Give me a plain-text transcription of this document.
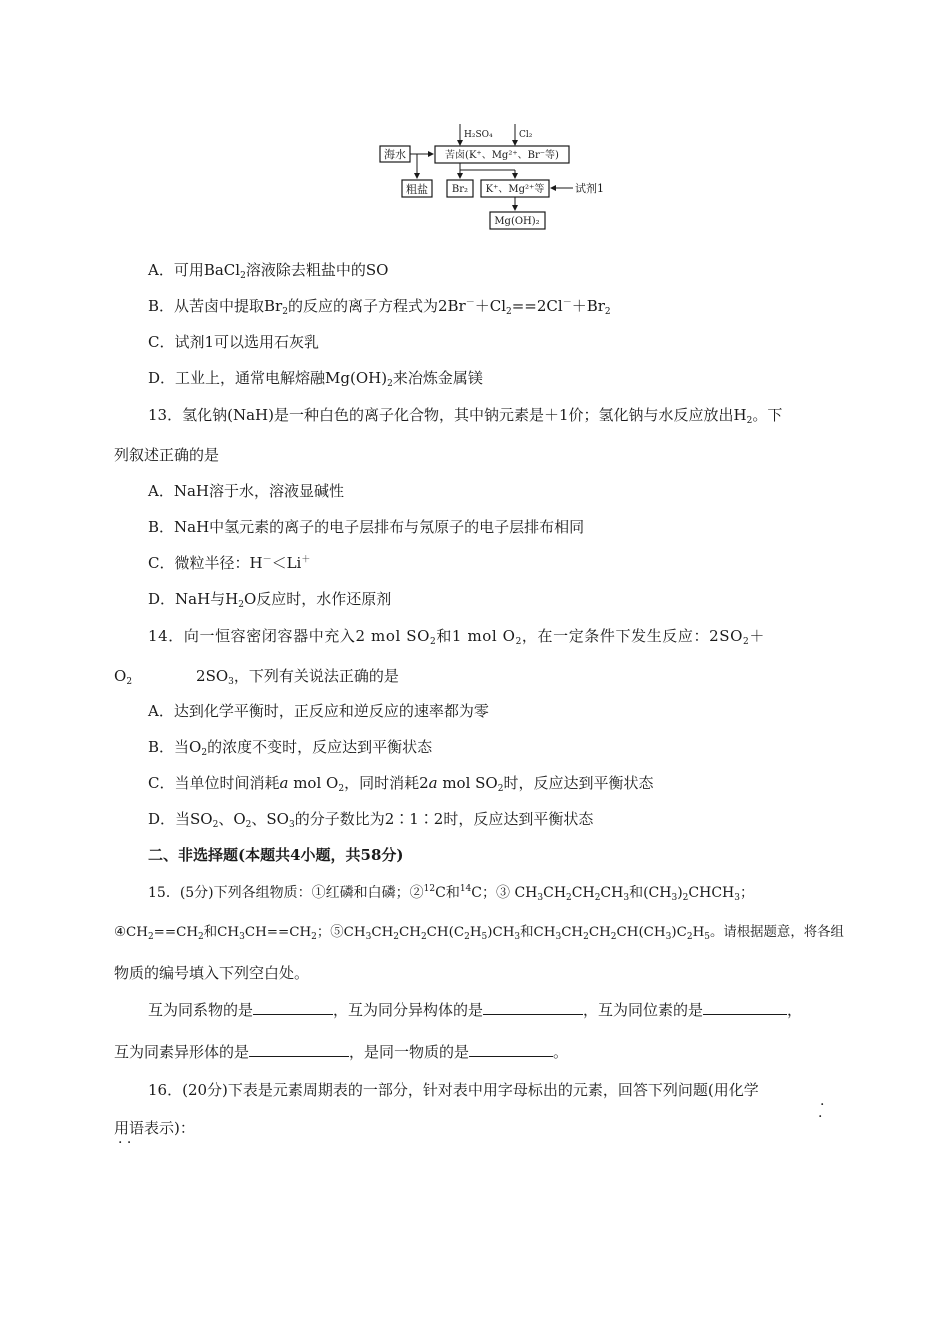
海水	苦卤(K⁺、Mg²⁺、Br⁻等)
H₂SO₄	Cl₂
粗盐 Br₂ K⁺、Mg²⁺等	试剂1
Mg(OH)₂
A．可用BaCl$_2$溶液除去粗盐中的SO
B．从苦卤中提取$Br_2$的反应的离子方程式为$2Br^-+Cl_2==2Cl^-+Br_2$
C．试剂1可以选用石灰乳
D．工业上，通常电解熔融$Mg(OH)_2$来冶炼金属镁
13．氢化钠(NaH)是一种白色的离子化合物，其中钠元素是＋1价；氢化钠与水反应放出$H_2$。下
列叙述正确的是
A．NaH溶于水，溶液显碱性
B．NaH中氢元素的离子的电子层排布与氖原子的电子层排布相同
C．微粒半径：H－＜Li＋
D．NaH与$H_2O$反应时，水作还原剂
14．向一恒容密闭容器中充入2 mol $SO_2$和1 mol $O_2$，在一定条件下发生反应：$2SO_2+$
$O_2$	$2SO_3$，下列有关说法正确的是
A．达到化学平衡时，正反应和逆反应的速率都为零
B．当$O_2$的浓度不变时，反应达到平衡状态
C．当单位时间消耗a mol $O_2$，同时消耗2a mol $SO_2$时，反应达到平衡状态
D．当$SO_2$、$O_2$、$SO_3$的分子数比为2∶1∶2时，反应达到平衡状态
二、非选择题(本题共4小题，共58分)
15．(5分)下列各组物质：①红磷和白磷；②$^{12}$C和$^{14}$C；③ $CH_3CH_2CH_2CH_3$和$(CH_3)_2CHCH_3$；
$④CH_2==CH_2$和$CH_3CH==CH_2$；$⑤CH_3CH_2CH_2CH(C_2H_5)CH_3$和$CH_3CH_2CH_2CH(CH_3)C_2H_5$。请根据题意，将各组
物质的编号填入下列空白处。
互为同系物的是	，互为同分异构体的是	，互为同位素的是	，
互为同素异形体的是	，是同一物质的是	。
16．(20分)下表是元素周期表的一部分，针对表中用字母标出的元素，回答下列问题(用化学
用语表示)：
·
·
· ·
